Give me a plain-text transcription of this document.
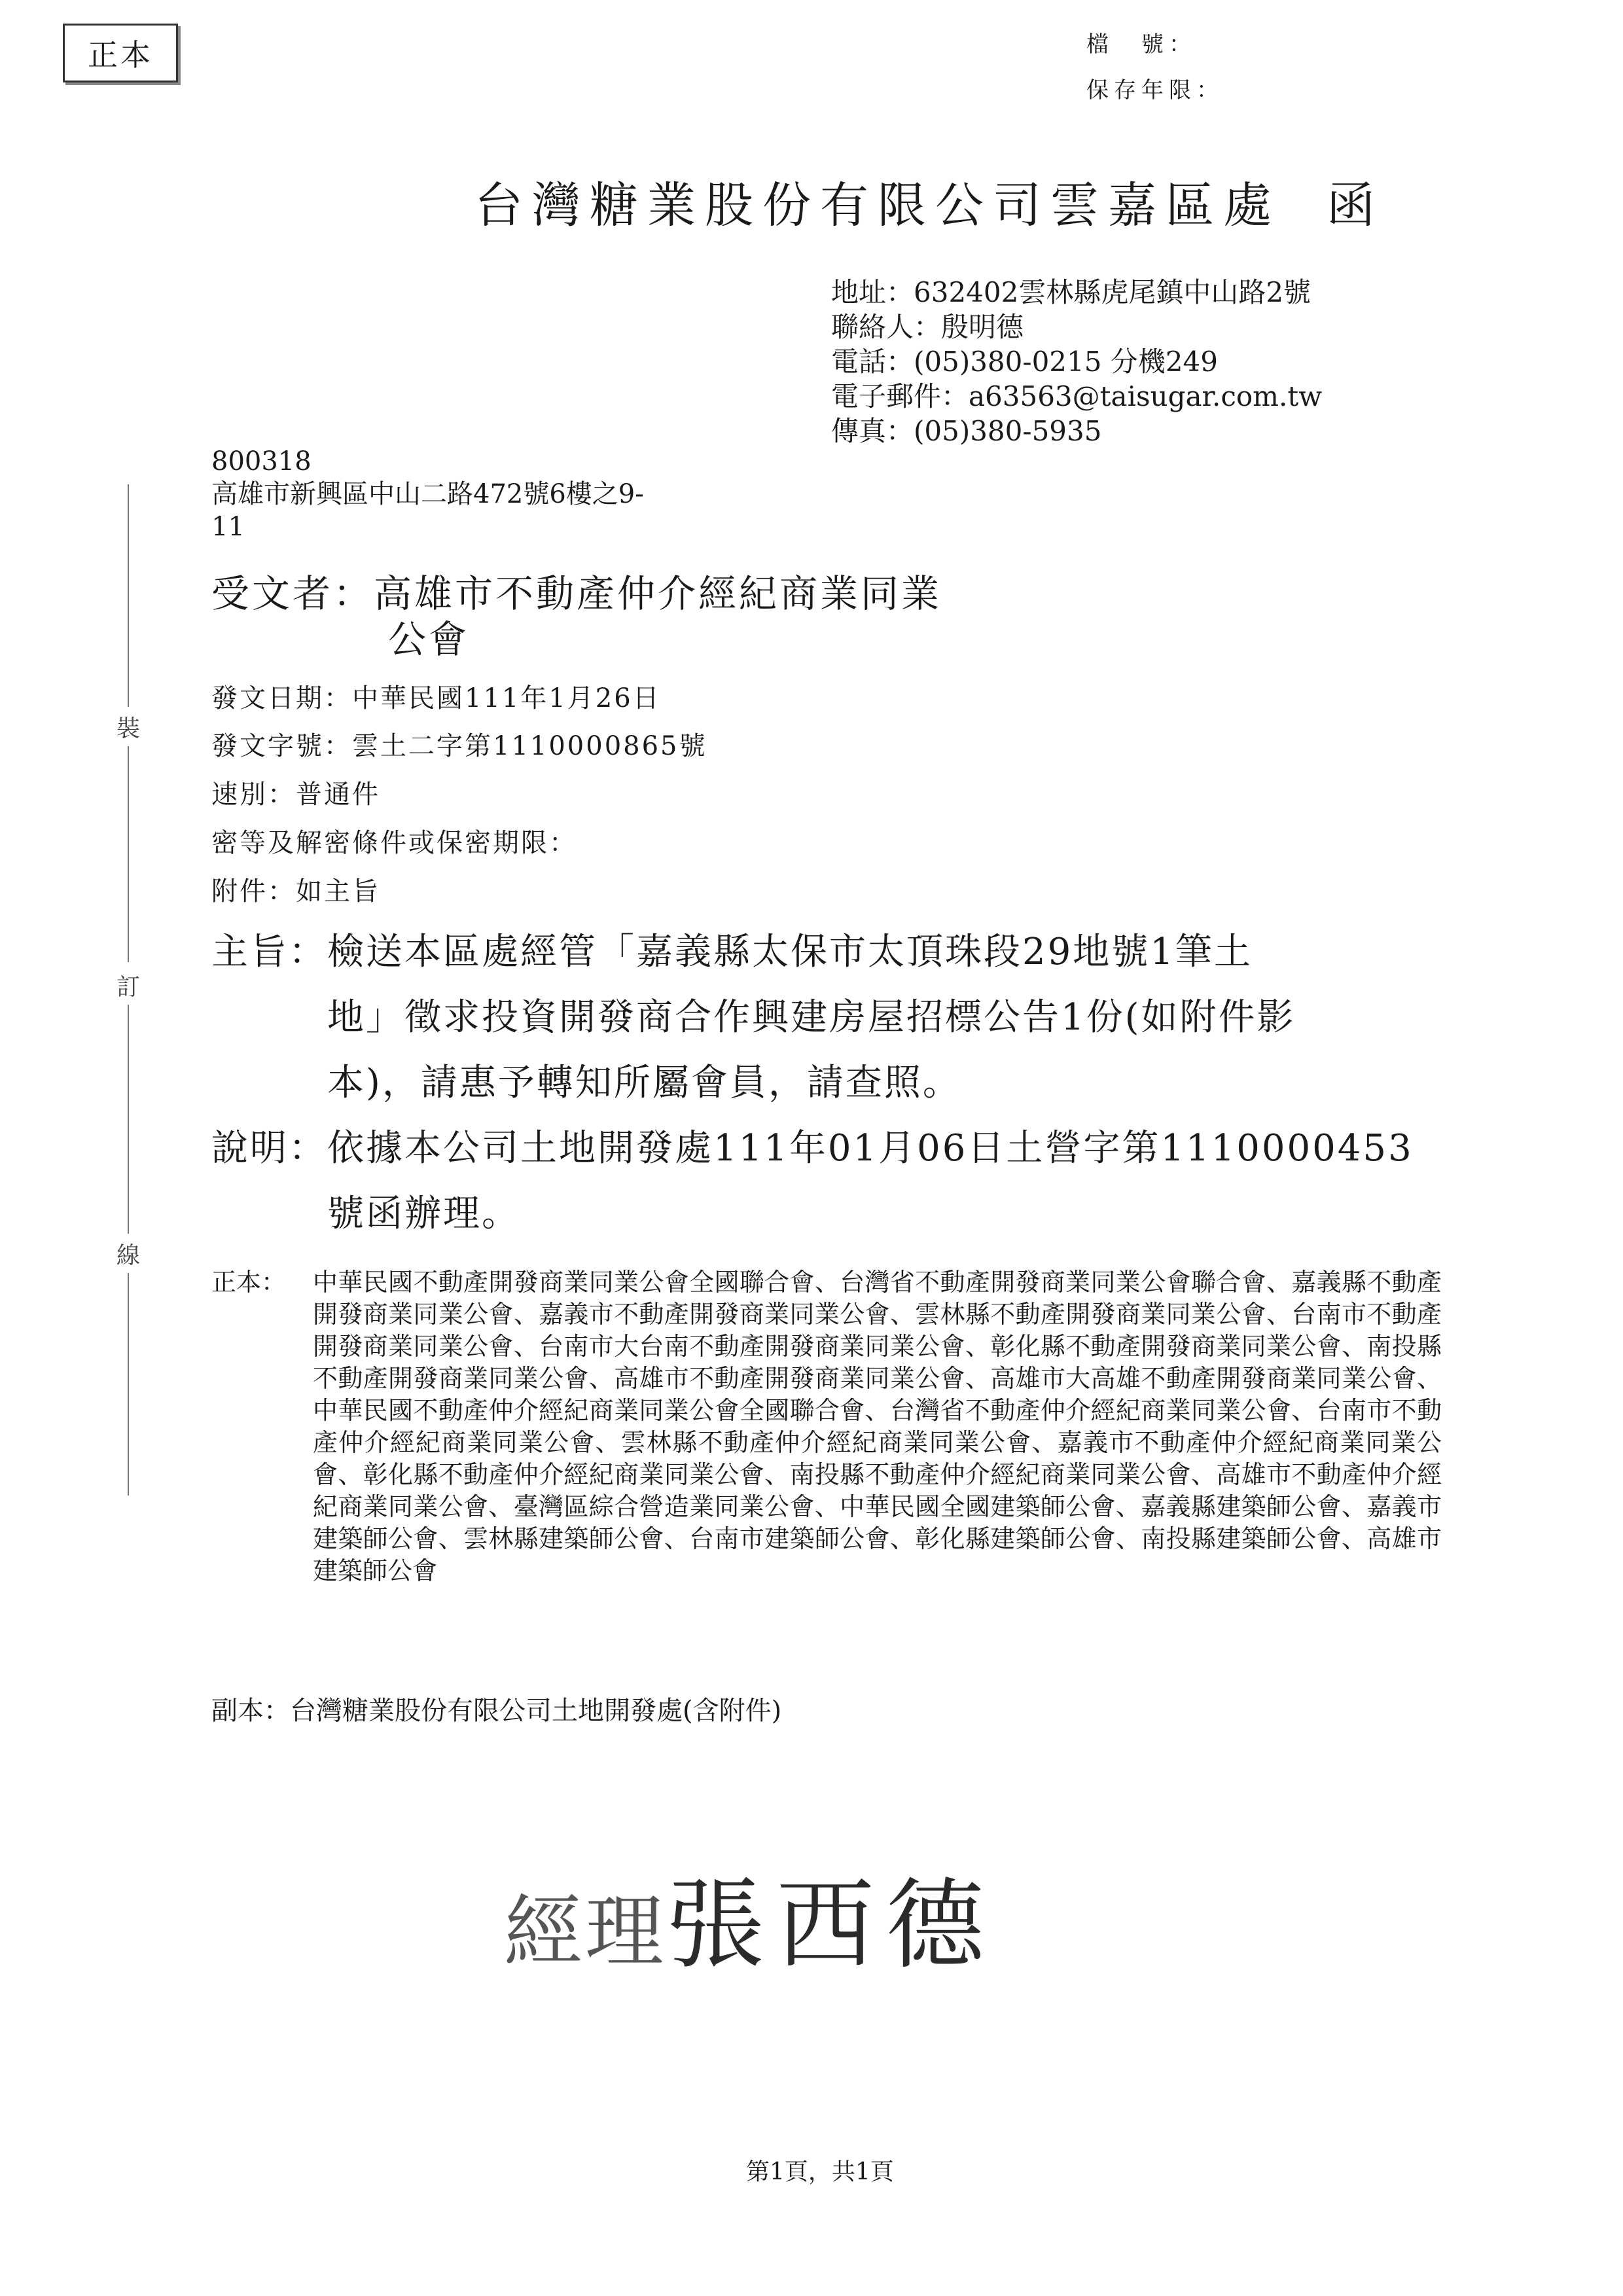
正本	檔　號：
保存年限：
台灣糖業股份有限公司雲嘉區處 函
地址：632402雲林縣虎尾鎮中山路2號
聯絡人：殷明德
電話：(05)380-0215 分機249
電子郵件：a63563@taisugar.com.tw
傳真：(05)380-5935
800318
高雄市新興區中山二路472號6樓之9-
11
受文者：高雄市不動產仲介經紀商業同業
公會
發文日期：中華民國111年1月26日
發文字號：雲土二字第1110000865號
速別：普通件
密等及解密條件或保密期限：
附件：如主旨
主旨：檢送本區處經管「嘉義縣太保市太頂珠段29地號1筆土
地」徵求投資開發商合作興建房屋招標公告1份(如附件影
本)，請惠予轉知所屬會員，請查照。
說明：依據本公司土地開發處111年01月06日土營字第1110000453
號函辦理。
正本： 中華民國不動產開發商業同業公會全國聯合會、台灣省不動產開發商業同業公會聯合會、嘉義縣不動產開發商業同業公會、嘉義市不動產開發商業同業公會、雲林縣不動產開發商業同業公會、台南市不動產開發商業同業公會、台南市大台南不動產開發商業同業公會、彰化縣不動產開發商業同業公會、南投縣不動產開發商業同業公會、高雄市不動產開發商業同業公會、高雄市大高雄不動產開發商業同業公會、中華民國不動產仲介經紀商業同業公會全國聯合會、台灣省不動產仲介經紀商業同業公會、台南市不動產仲介經紀商業同業公會、雲林縣不動產仲介經紀商業同業公會、嘉義市不動產仲介經紀商業同業公會、彰化縣不動產仲介經紀商業同業公會、南投縣不動產仲介經紀商業同業公會、高雄市不動產仲介經紀商業同業公會、臺灣區綜合營造業同業公會、中華民國全國建築師公會、嘉義縣建築師公會、嘉義市建築師公會、雲林縣建築師公會、台南市建築師公會、彰化縣建築師公會、南投縣建築師公會、高雄市建築師公會
副本：台灣糖業股份有限公司土地開發處(含附件)
經理張西德
裝
訂
線
第1頁，共1頁
